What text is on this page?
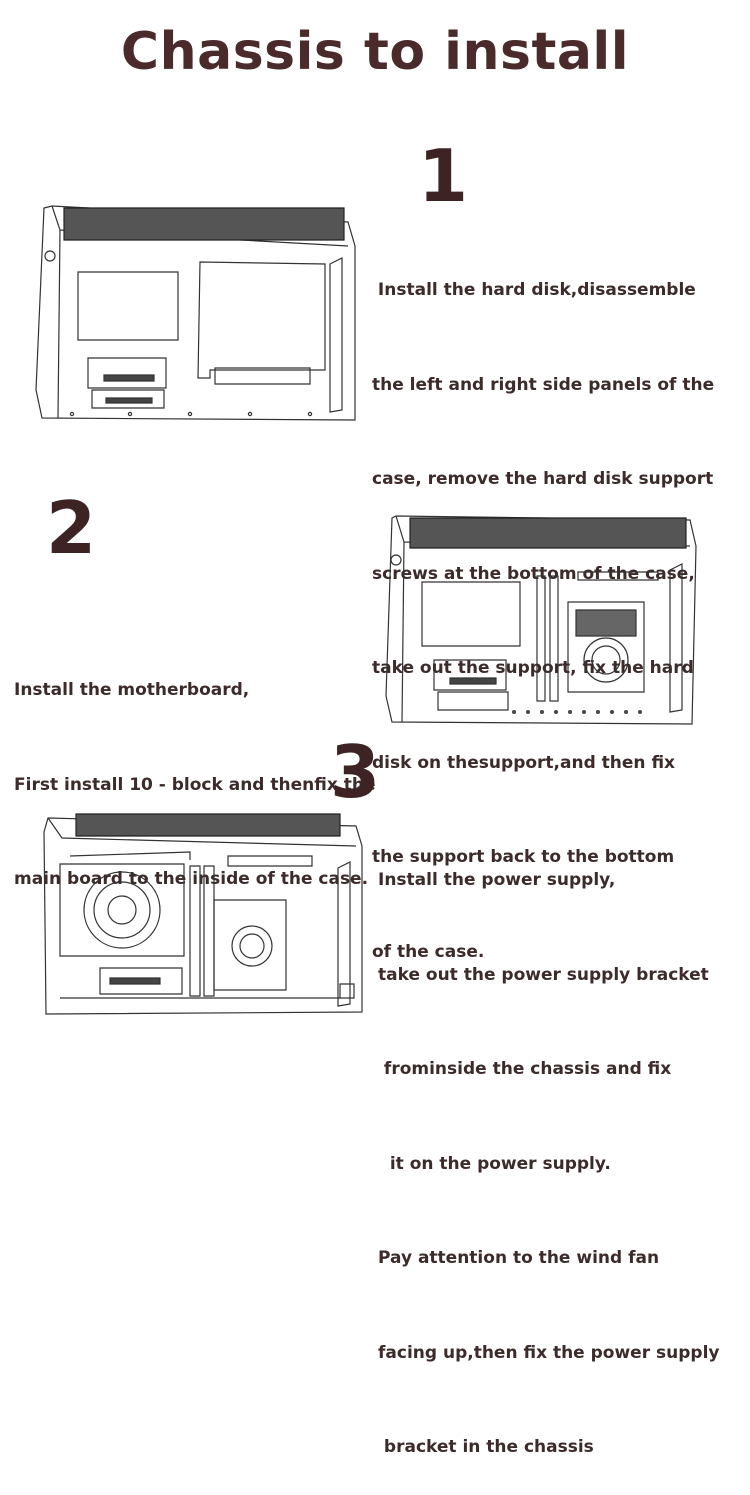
Chassis to install
1

Install the hard disk,disassemble

the left and right side panels of the

case, remove the hard disk support

screws at the bottom of the case,

take out the support, fix the hard

disk on thesupport,and then fix

the support back to the bottom

of the case.

2

Install the motherboard,

First install 10 - block and thenfix the

main board to the inside of the case.

3

Install the power supply,

take out the power supply bracket

frominside the chassis and fix

it on the power supply.

Pay attention to the wind fan

facing up,then fix the power supply

bracket in the chassis
